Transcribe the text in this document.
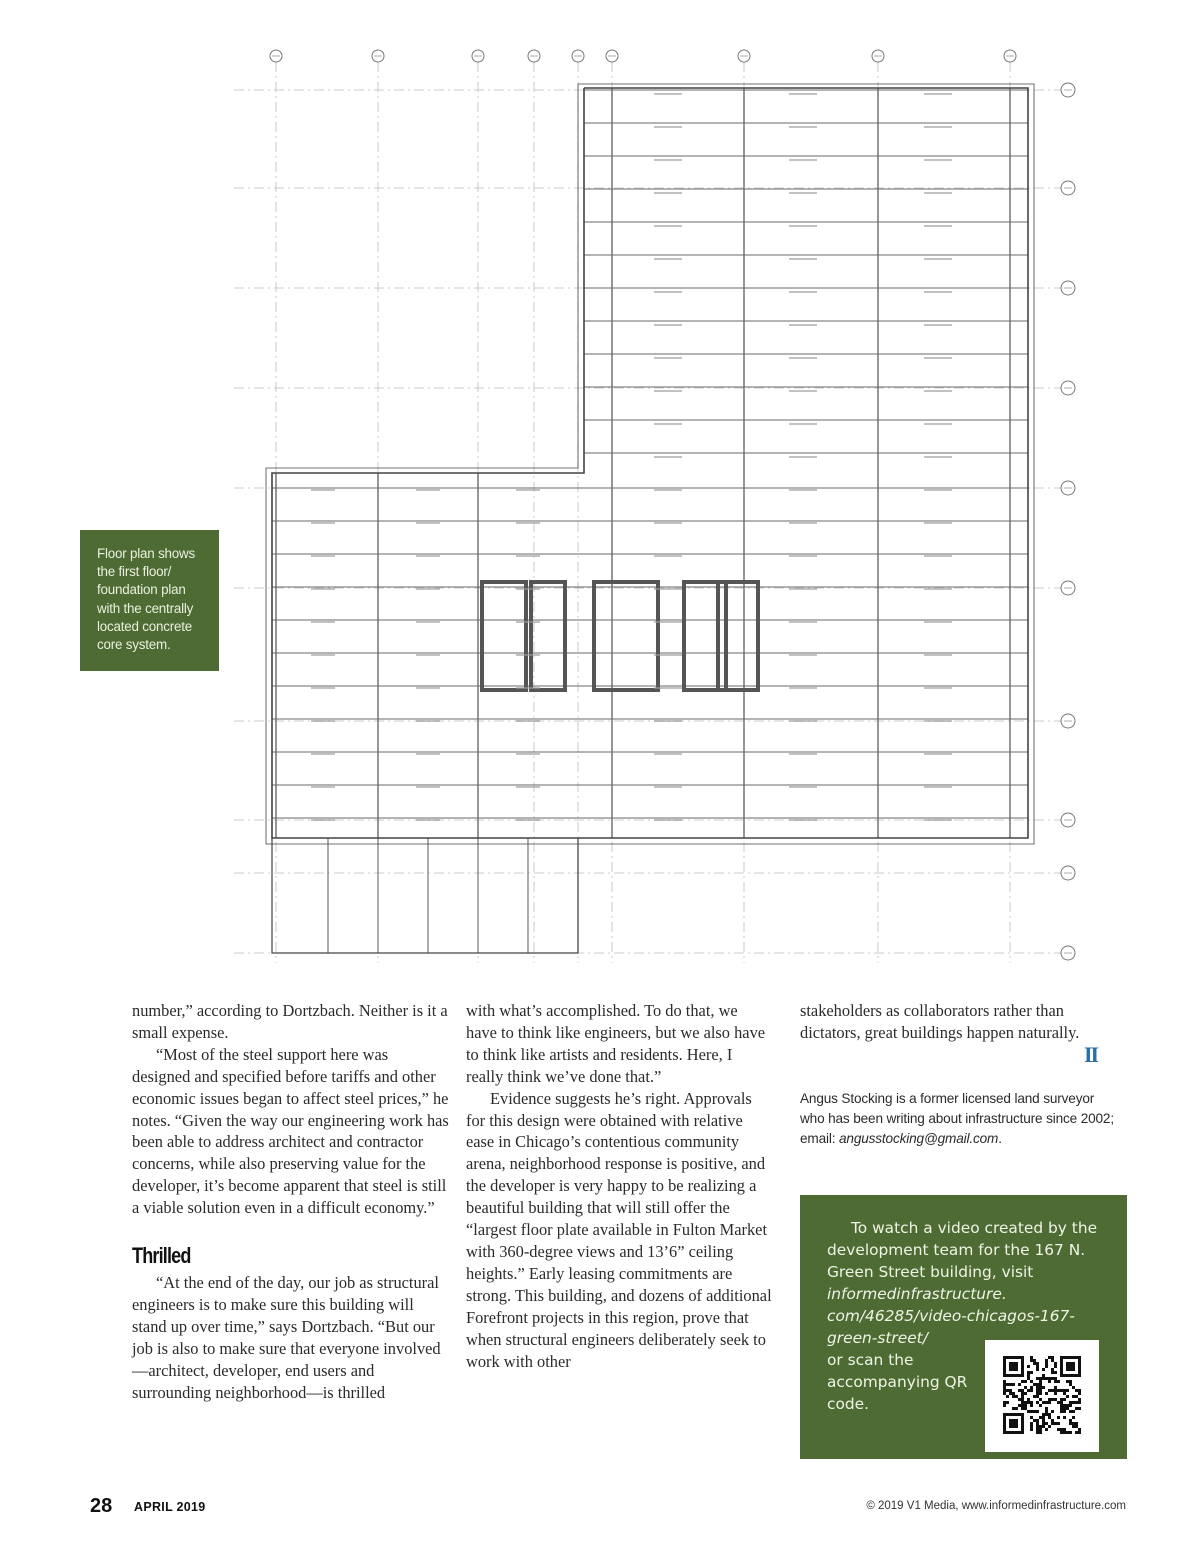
Floor plan shows the first floor/ foundation plan with the centrally located concrete core system.

number,” according to Dortzbach. Neither is it a small expense.

“Most of the steel support here was designed and specified before tariffs and other economic issues began to affect steel prices,” he notes. “Given the way our engineering work has been able to address architect and contractor concerns, while also preserving value for the developer, it’s become apparent that steel is still a viable solution even in a difficult economy.”

Thrilled

“At the end of the day, our job as structural engineers is to make sure this building will stand up over time,” says Dortzbach. “But our job is also to make sure that everyone involved—architect, developer, end users and surrounding neighborhood—is thrilled

with what’s accomplished. To do that, we have to think like engineers, but we also have to think like artists and residents. Here, I really think we’ve done that.”

Evidence suggests he’s right. Approvals for this design were obtained with relative ease in Chicago’s contentious community arena, neighborhood response is positive, and the developer is very happy to be realizing a beautiful building that will still offer the “largest floor plate available in Fulton Market with 360-degree views and 13’6” ceiling heights.” Early leasing commitments are strong. This building, and dozens of additional Forefront projects in this region, prove that when structural engineers deliberately seek to work with other

stakeholders as collaborators rather than dictators, great buildings happen naturally.

II
Angus Stocking is a former licensed land surveyor who has been writing about infrastructure since 2002; email: angusstocking@gmail.com.

To watch a video created by the development team for the 167 N. Green Street building, visit informedinfrastructure. com/46285/video-chicagos-167-green-street/

or scan the accompanying QR code.

28 APRIL 2019	© 2019 V1 Media, www.informedinfrastructure.com
